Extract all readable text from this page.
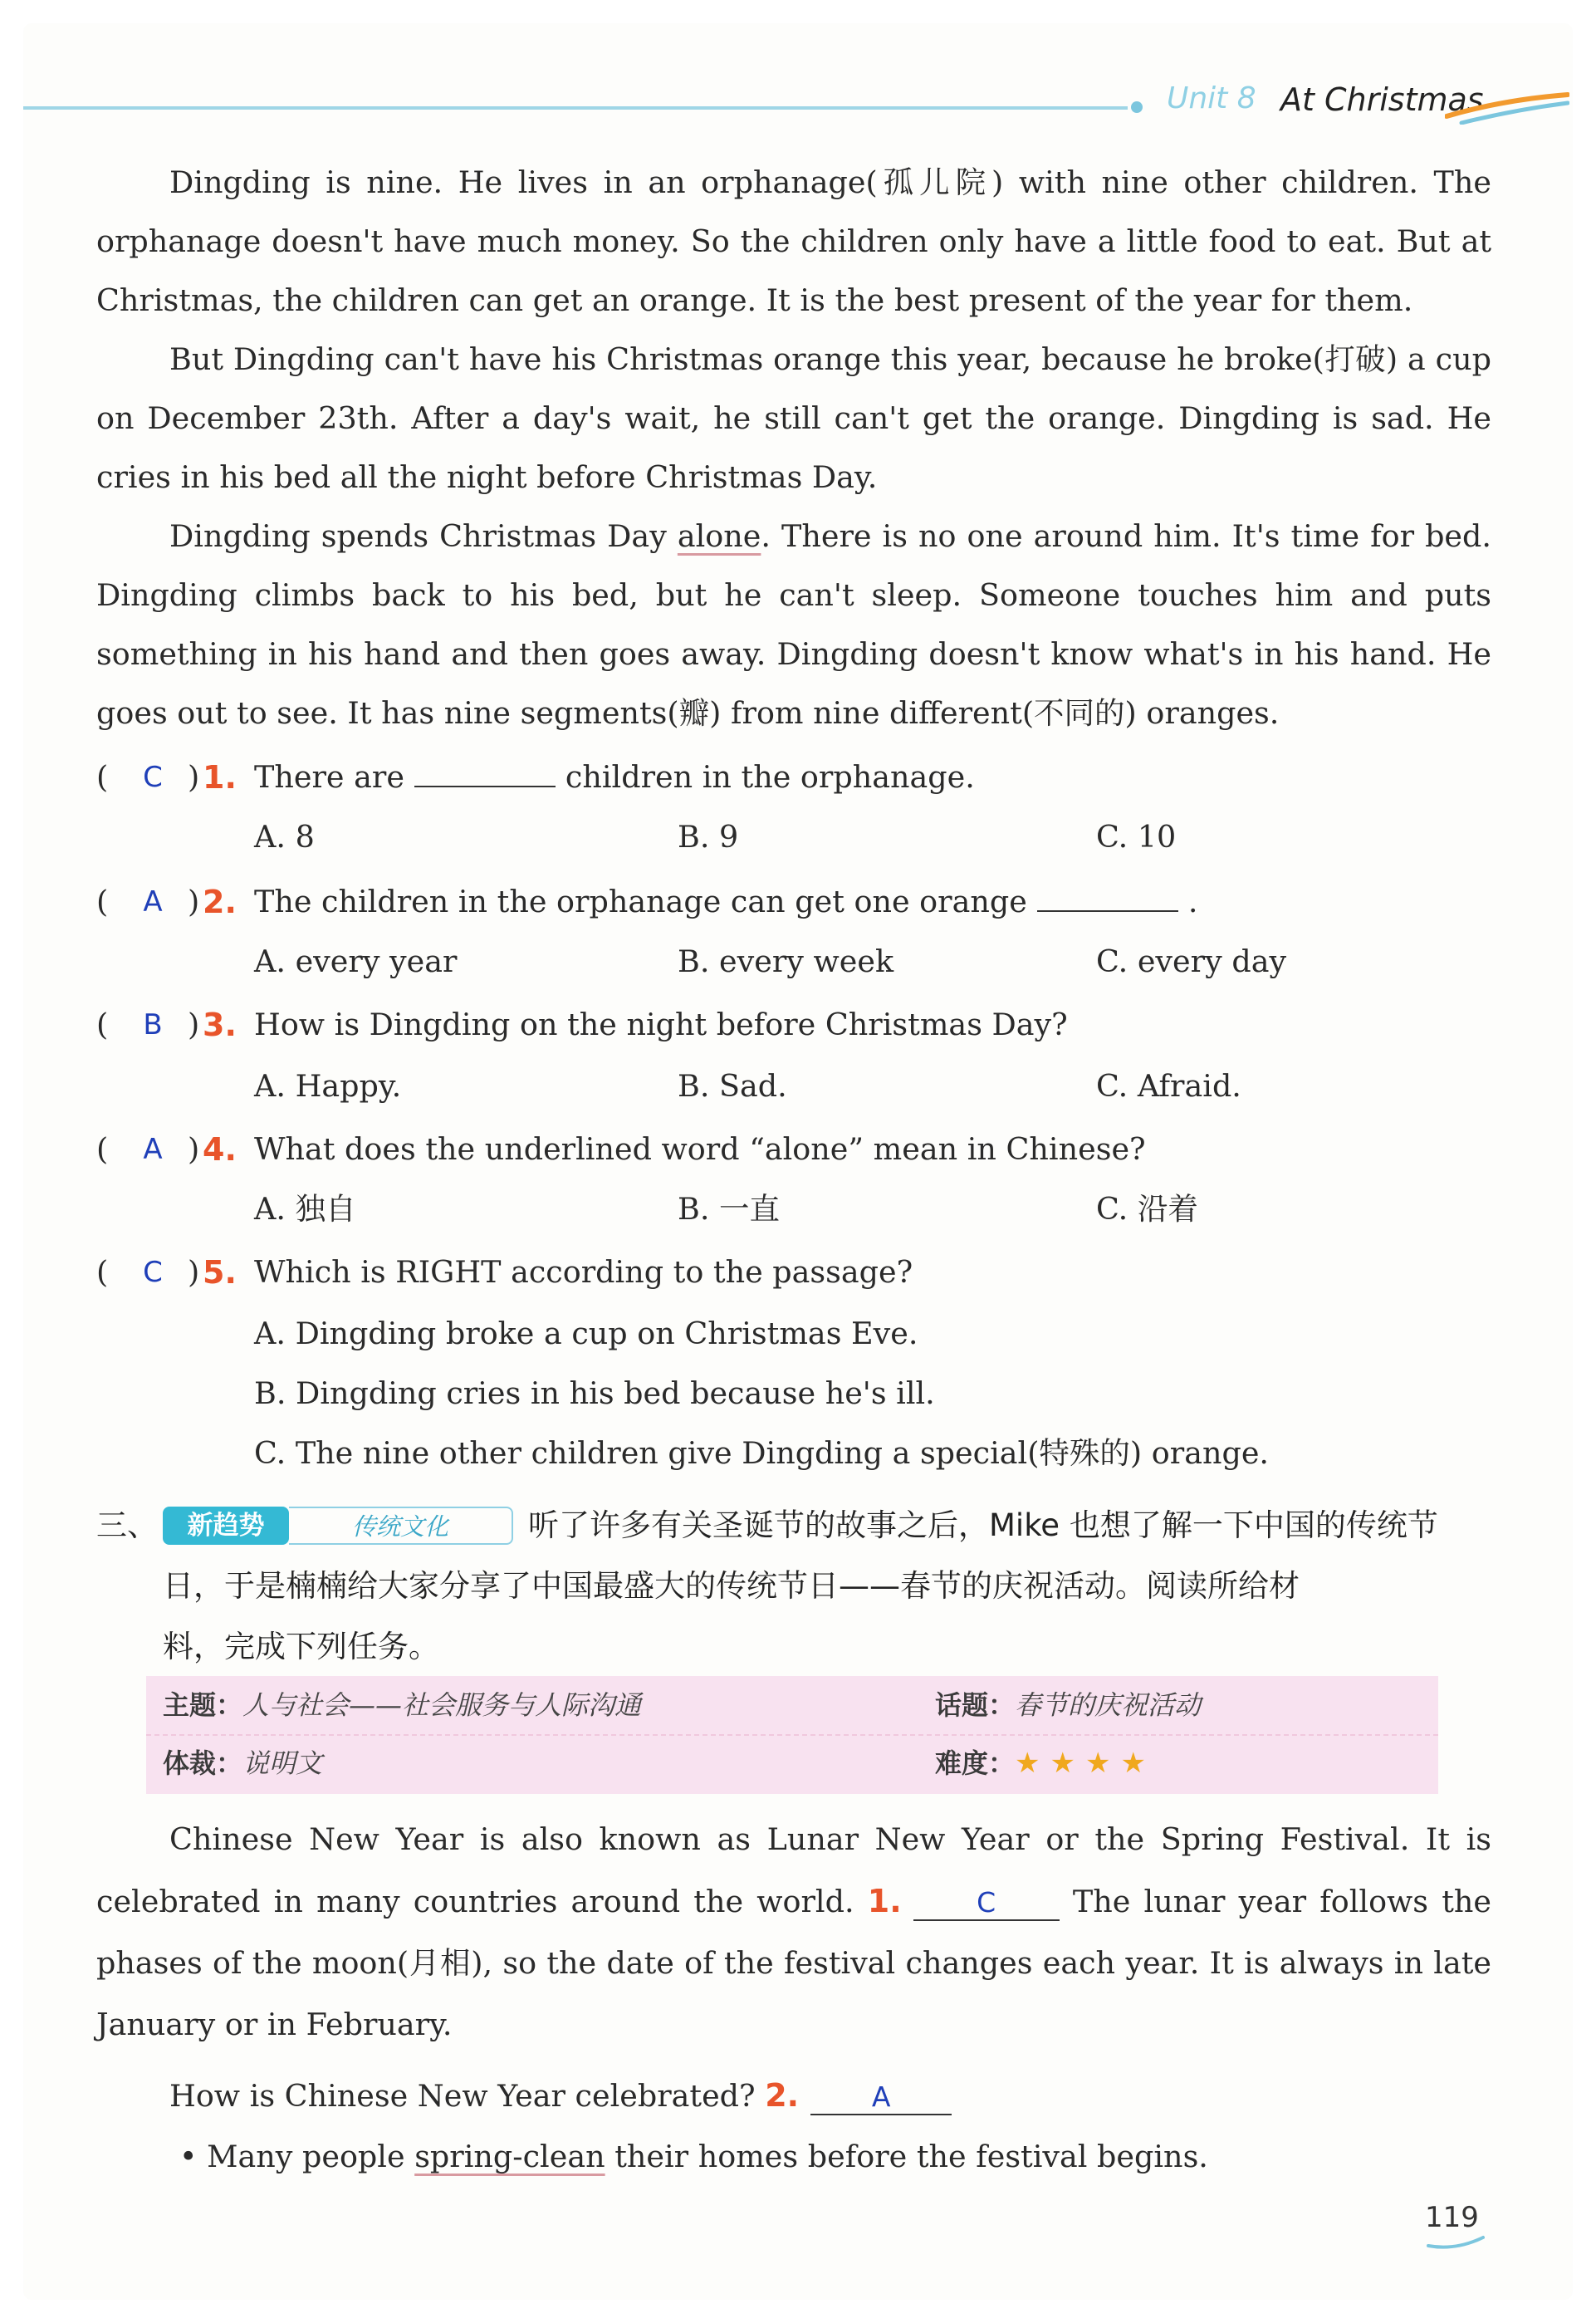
Unit 8 At Christmas

Dingding is nine. He lives in an orphanage(孤儿院) with nine other children. The orphanage doesn't have much money. So the children only have a little food to eat. But at Christmas, the children can get an orange. It is the best present of the year for them.

But Dingding can't have his Christmas orange this year, because he broke(打破) a cup on December 23th. After a day's wait, he still can't get the orange. Dingding is sad. He cries in his bed all the night before Christmas Day.

Dingding spends Christmas Day alone. There is no one around him. It's time for bed. Dingding climbs back to his bed, but he can't sleep. Someone touches him and puts something in his hand and then goes away. Dingding doesn't know what's in his hand. He goes out to see. It has nine segments(瓣) from nine different(不同的) oranges.

( C ) 1. There are	children in the orphanage.
A. 8	B. 9	C. 10
( A ) 2. The children in the orphanage can get one orange	.
A. every year	B. every week	C. every day
( B ) 3. How is Dingding on the night before Christmas Day?
A. Happy.	B. Sad.	C. Afraid.
( A ) 4. What does the underlined word “alone” mean in Chinese?
A. 独自	B. 一直	C. 沿着
( C ) 5. Which is RIGHT according to the passage?
A. Dingding broke a cup on Christmas Eve.
B. Dingding cries in his bed because he's ill.
C. The nine other children give Dingding a special(特殊的) orange.
三、	新趋势	传统文化	听了许多有关圣诞节的故事之后，Mike 也想了解一下中国的传统节
日，于是楠楠给大家分享了中国最盛大的传统节日——春节的庆祝活动。阅读所给材
料，完成下列任务。
主题：人与社会——社会服务与人际沟通	话题：春节的庆祝活动
体裁：说明文	难度：★ ★ ★ ★

Chinese New Year is also known as Lunar New Year or the Spring Festival. It is celebrated in many countries around the world. 1.	C	The lunar year follows the phases of the moon(月相), so the date of the festival changes each year. It is always in late January or in February.

How is Chinese New Year celebrated? 2.	A
• Many people spring-clean their homes before the festival begins.
119
